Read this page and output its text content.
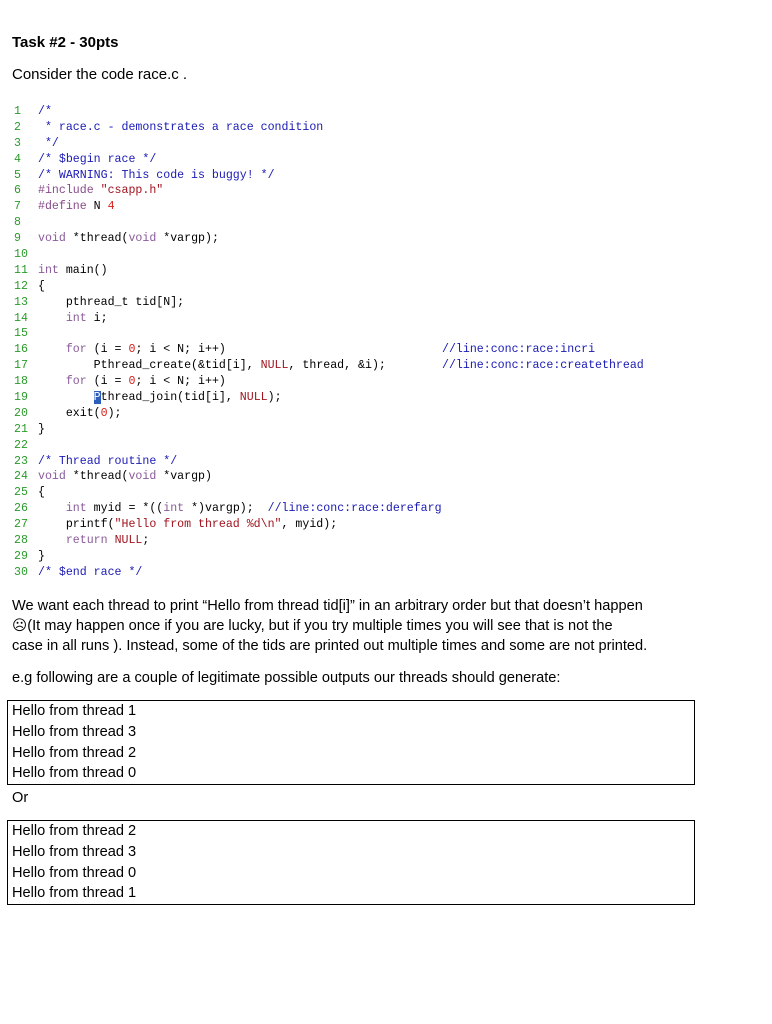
Task #2 - 30pts
Consider the code race.c .
1 /*
2 * race.c - demonstrates a race condition
3 */
4 /* $begin race */
5 /* WARNING: This code is buggy! */
6 #include "csapp.h"
7 #define N 4
8
9 void *thread(void *vargp);
10
11 int main()
12 {
13 pthread_t tid[N];
14	int i;
15
16	for (i = 0; i < N; i++)	//line:conc:race:incri
17 Pthread_create(&tid[i], NULL, thread, &i);	//line:conc:race:createthread
18	for (i = 0; i < N; i++)
19	Pthread_join(tid[i], NULL);
20 exit(0);
21 }
22
23 /* Thread routine */
24 void *thread(void *vargp)
25 {
26	int myid = *((int *)vargp);  //line:conc:race:derefarg
27 printf("Hello from thread %d\n", myid);
28	return NULL;
29 }
30 /* $end race */
We want each thread to print “Hello from thread tid[i]” in an arbitrary order but that doesn’t happen
☹(It may happen once if you are lucky, but if you try multiple times you will see that is not the
case in all runs ). Instead, some of the tids are printed out multiple times and some are not printed.
e.g following are a couple of legitimate possible outputs our threads should generate:
Hello from thread 1
Hello from thread 3
Hello from thread 2
Hello from thread 0
Or
Hello from thread 2
Hello from thread 3
Hello from thread 0
Hello from thread 1
